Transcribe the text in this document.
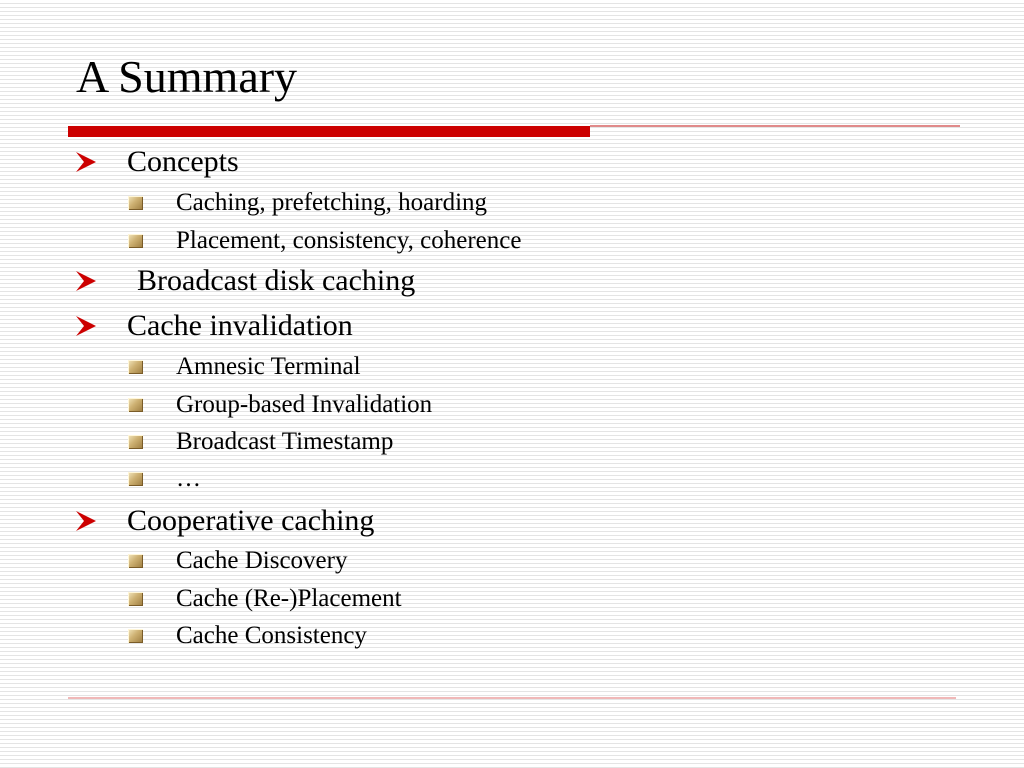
A Summary
Concepts
Caching, prefetching, hoarding
Placement, consistency, coherence
Broadcast disk caching
Cache invalidation
Amnesic Terminal
Group-based Invalidation
Broadcast Timestamp
…
Cooperative caching
Cache Discovery
Cache (Re-)Placement
Cache Consistency
